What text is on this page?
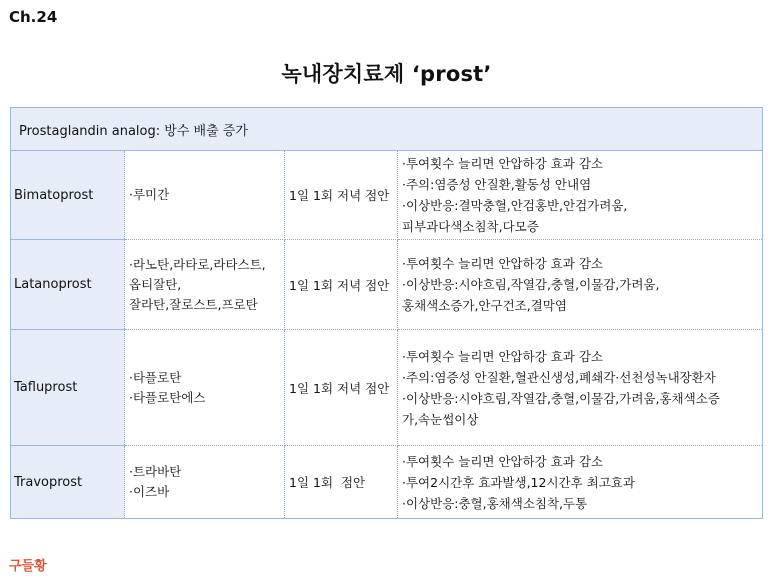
Ch.24
녹내장치료제 ‘prost’
Prostaglandin analog: 방수 배출 증가			
Bimatoprost	·루미간	1일 1회 저녁 점안	·투여횟수 늘리면 안압하강 효과 감소
·주의:염증성 안질환,활동성 안내염
·이상반응:결막충혈,안검홍반,안검가려움,
피부과다색소침착,다모증

Latanoprost	·라노탄,라타로,라타스트,
옵티잘탄,
잘라탄,잘로스트,프로탄	1일 1회 저녁 점안	·투여횟수 늘리면 안압하강 효과 감소
·이상반응:시야흐림,작열감,충혈,이물감,가려움,
홍채색소증가,안구건조,결막염

Tafluprost	·타플로탄
·타플로탄에스	1일 1회 저녁 점안	·투여횟수 늘리면 안압하강 효과 감소
·주의:염증성 안질환,혈관신생성,폐쇄각·선천성녹내장환자
·이상반응:시야흐림,작열감,충혈,이물감,가려움,홍채색소증
가,속눈썹이상

Travoprost	·트라바탄
·이즈바	1일 1회  점안	·투여횟수 늘리면 안압하강 효과 감소
·투여2시간후 효과발생,12시간후 최고효과
·이상반응:충혈,홍채색소침착,두통
구들황
